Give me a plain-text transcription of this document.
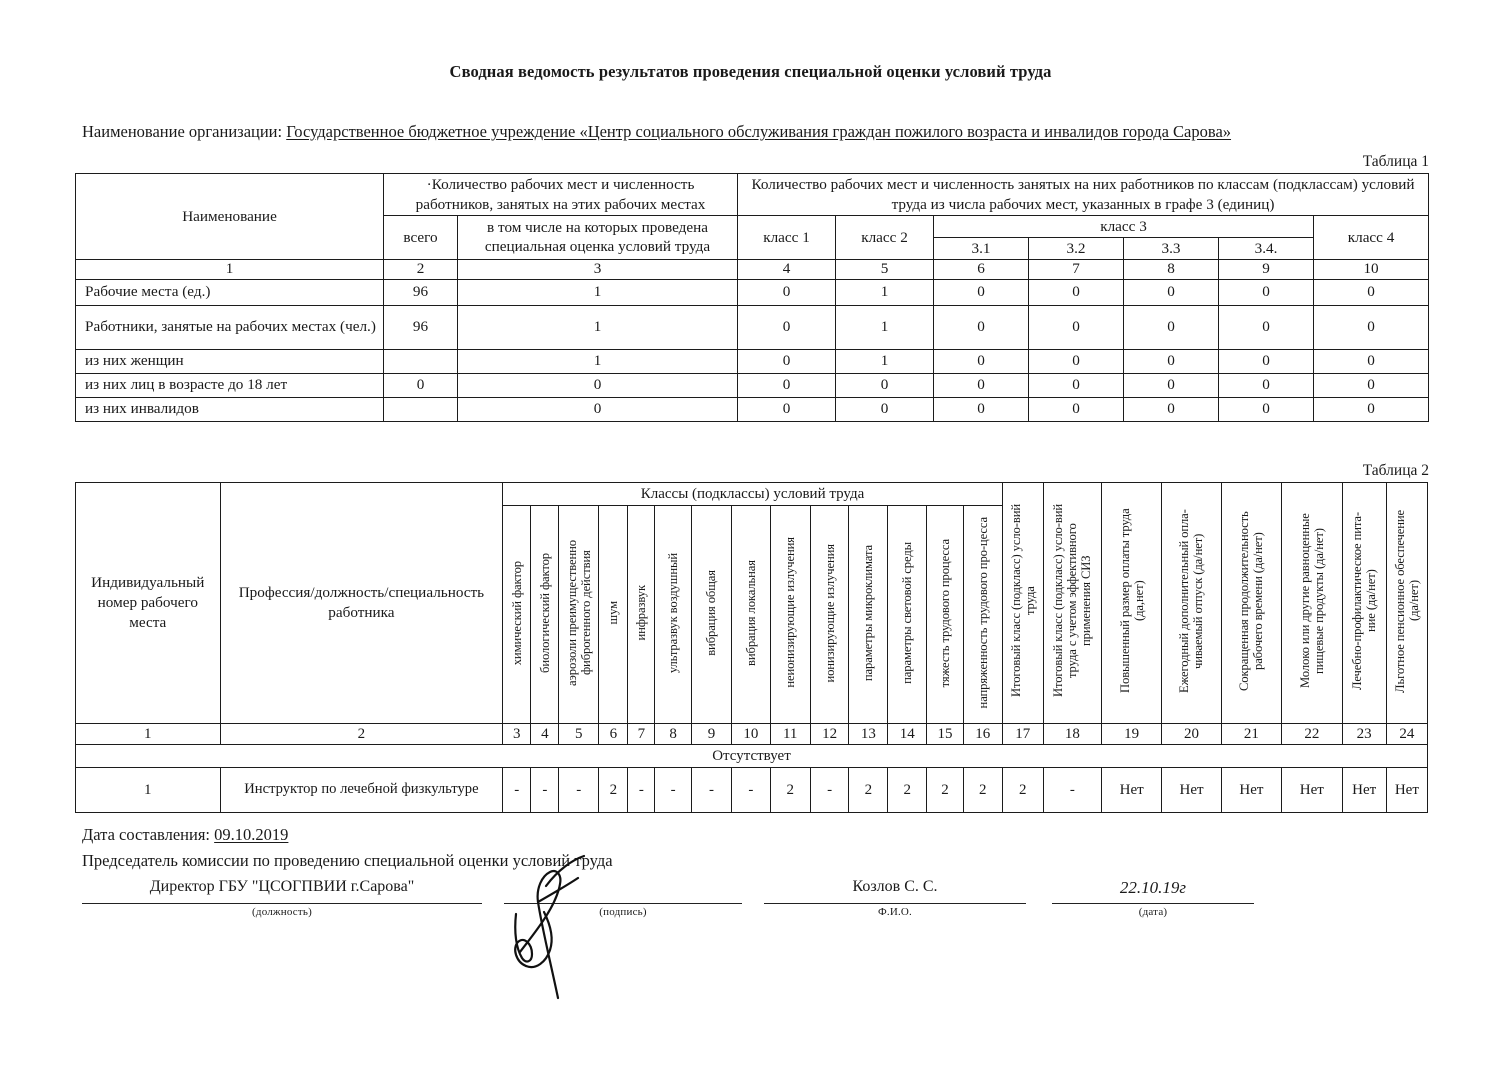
Сводная ведомость результатов проведения специальной оценки условий труда
Наименование организации: Государственное бюджетное учреждение «Центр социального обслуживания граждан пожилого возраста и инвалидов города Сарова»
Таблица 1
Наименование	·Количество рабочих мест и численность работников, занятых на этих рабочих местах		Количество рабочих мест и численность занятых на них работников по классам (подклассам) условий труда из числа рабочих мест, указанных в графе 3 (единиц)						
	всего	в том числе на которых проведена специальная оценка условий труда	класс 1	класс 2	класс 3				класс 4
					3.1	3.2	3.3	3.4.	
1	2	3	4	5	6	7	8	9	10
Рабочие места (ед.)	96	1	0	1	0	0	0	0	0
Работники, занятые на рабочих местах (чел.)	96	1	0	1	0	0	0	0	0
из них женщин		1	0	1	0	0	0	0	0
из них лиц в возрасте до 18 лет	0	0	0	0	0	0	0	0	0
из них инвалидов		0	0	0	0	0	0	0	0
Таблица 2
Индивидуальный номер рабочего места	Профессия/должность/специальность работника	Классы (подклассы) условий труда														Итоговый класс (подкласс) усло-вий труда	Итоговый класс (подкласс) усло-вий труда с учетом эффективного применения СИЗ	Повышенный размер оплаты труда (да,нет)	Ежегодный дополнительный опла-чиваемый отпуск (да/нет)	Сокращенная продолжительность рабочего времени (да/нет)	Молоко или другие равноценные пищевые продукты (да/нет)	Лечебно-профилактическое пита-ние (да/нет)	Льготное пенсионное обеспечение (да/нет)

		химический фактор	биологический фактор	аэрозоли преимущественно фиброгенного действия	шум	инфразвук	ультразвук воздушный	вибрация общая	вибрация локальная	неионизирующие излучения	ионизирующие излучения	параметры микроклимата	параметры световой среды	тяжесть трудового процесса	напряженность трудового про-цесса								

1	2	3	4	5	6	7	8	9	10	11	12	13	14	15	16	17	18	19	20	21	22	23	24
Отсутствует																							
1	Инструктор по лечебной физкультуре	-	-	-	2	-	-	-	-	2	-	2	2	2	2	2	-	Нет	Нет	Нет	Нет	Нет	Нет
Дата составления: 09.10.2019
Председатель комиссии по проведению специальной оценки условий труда
Директор ГБУ "ЦСОГПВИИ г.Сарова"
(должность)	(подпись)
Козлов С. С.
Ф.И.О.
22.10.19г
(дата)
